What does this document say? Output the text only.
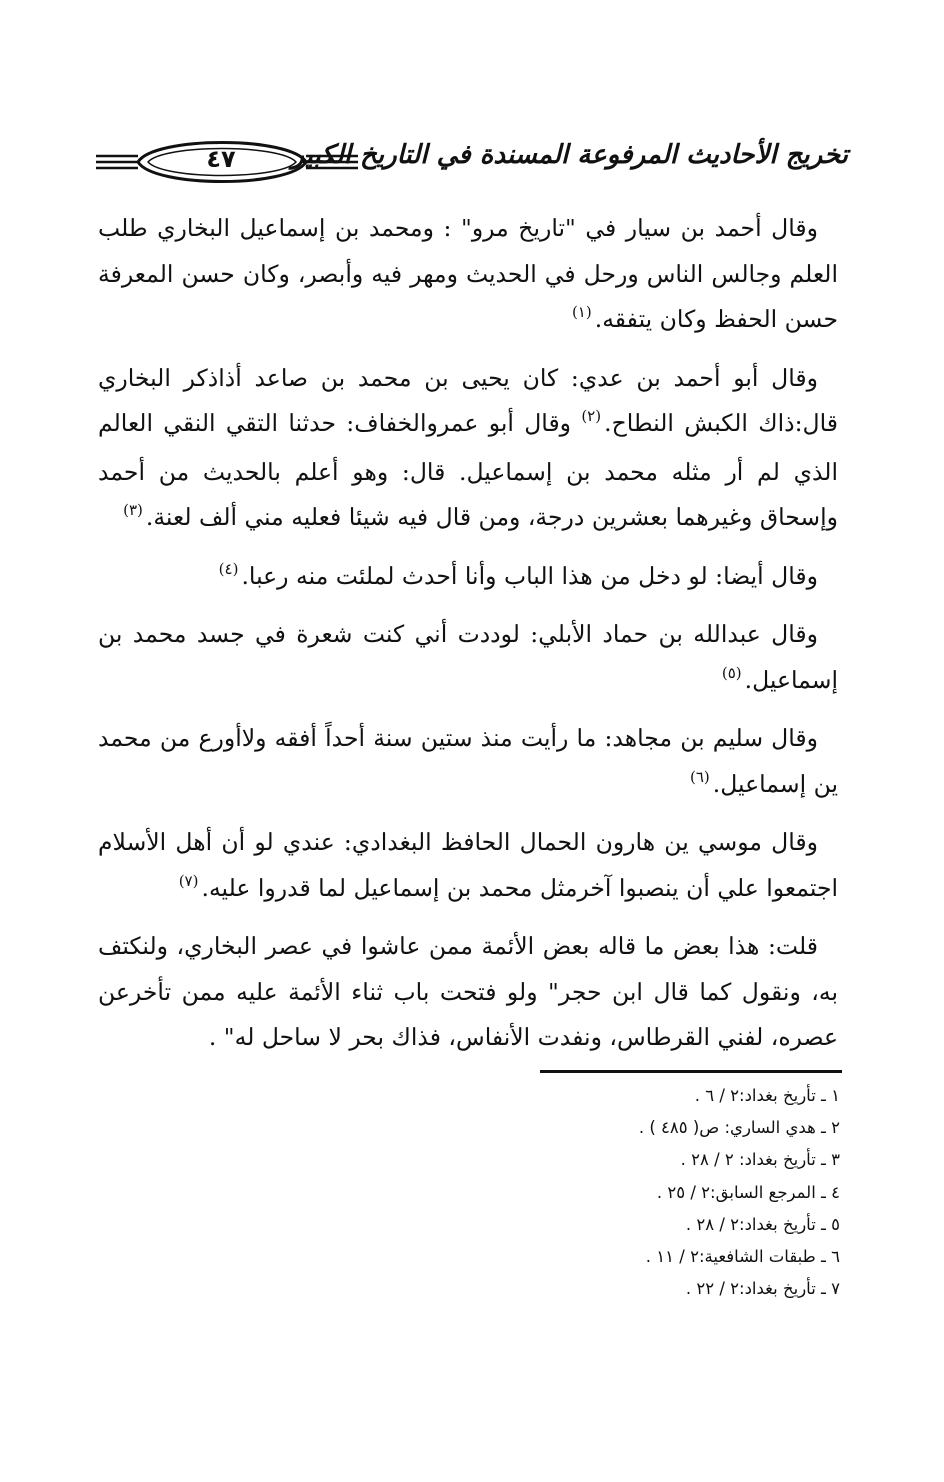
٤٧	تخريج الأحاديث المرفوعة المسندة في التاريخ الكبير

وقال أحمد بن سيار في "تاريخ مرو" : ومحمد بن إسماعيل البخاري طلب العلم وجالس الناس ورحل في الحديث ومهر فيه وأبصر، وكان حسن المعرفة حسن الحفظ وكان يتفقه.$^{(١)}$

وقال أبو أحمد بن عدي: كان يحيى بن محمد بن صاعد أذاذكر البخاري قال:ذاك الكبش النطاح.$^{(٢)}$ وقال أبو عمروالخفاف: حدثنا التقي النقي العالم الذي لم أر مثله محمد بن إسماعيل. قال: وهو أعلم بالحديث من أحمد وإسحاق وغيرهما بعشرين درجة، ومن قال فيه شيئا فعليه مني ألف لعنة.$^{(٣)}$

وقال أيضا: لو دخل من هذا الباب وأنا أحدث لملئت منه رعبا.$^{(٤)}$

وقال عبدالله بن حماد الأبلي: لوددت أني كنت شعرة في جسد محمد بن إسماعيل.$^{(٥)}$

وقال سليم بن مجاهد: ما رأيت منذ ستين سنة أحداً أفقه ولاأورع من محمد ين إسماعيل.$^{(٦)}$

وقال موسي ين هارون الحمال الحافظ البغدادي: عندي لو أن أهل الأسلام اجتمعوا علي أن ينصبوا آخرمثل محمد بن إسماعيل لما قدروا عليه.$^{(٧)}$

قلت: هذا بعض ما قاله بعض الأئمة ممن عاشوا في عصر البخاري، ولنكتف به، ونقول كما قال ابن حجر" ولو فتحت باب ثناء الأئمة عليه ممن تأخرعن عصره، لفني القرطاس، ونفدت الأنفاس، فذاك بحر لا ساحل له" .

١ ـ تأريخ بغداد:٢ / ٦ .
٢ ـ هدي الساري: ص( ٤٨٥ ) .
٣ ـ تأريخ بغداد: ٢ / ٢٨ .
٤ ـ المرجع السابق:٢ / ٢٥ .
٥ ـ تأريخ بغداد:٢ / ٢٨ .
٦ ـ طبقات الشافعية:٢ / ١١ .
٧ ـ تأريخ بغداد:٢ / ٢٢ .
